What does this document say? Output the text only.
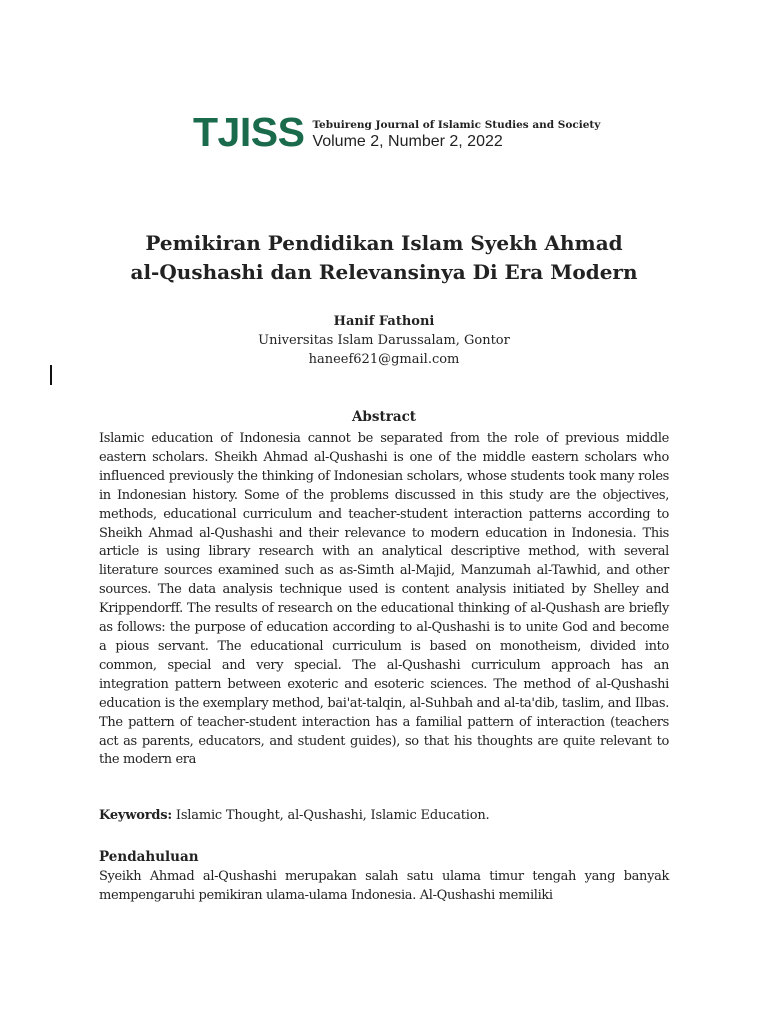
TJISS Tebuireng Journal of Islamic Studies and Society
Volume 2, Number 2, 2022
Pemikiran Pendidikan Islam Syekh Ahmad
al-Qushashi dan Relevansinya Di Era Modern
Hanif Fathoni
Universitas Islam Darussalam, Gontor
haneef621@gmail.com
Abstract
Islamic education of Indonesia cannot be separated from the role of previous middle eastern scholars. Sheikh Ahmad al-Qushashi is one of the middle eastern scholars who influenced previously the thinking of Indonesian scholars, whose students took many roles in Indonesian history. Some of the problems discussed in this study are the objectives, methods, educational curriculum and teacher-student interaction patterns according to Sheikh Ahmad al-Qushashi and their relevance to modern education in Indonesia. This article is using library research with an analytical descriptive method, with several literature sources examined such as as-Simth al-Majid, Manzumah al-Tawhid, and other sources. The data analysis technique used is content analysis initiated by Shelley and Krippendorff. The results of research on the educational thinking of al-Qushash are briefly as follows: the purpose of education according to al-Qushashi is to unite God and become a pious servant. The educational curriculum is based on monotheism, divided into common, special and very special. The al-Qushashi curriculum approach has an integration pattern between exoteric and esoteric sciences. The method of al-Qushashi education is the exemplary method, bai'at-talqin, al-Suhbah and al-ta'dib, taslim, and Ilbas. The pattern of teacher-student interaction has a familial pattern of interaction (teachers act as parents, educators, and student guides), so that his thoughts are quite relevant to the modern era
Keywords: Islamic Thought, al-Qushashi, Islamic Education.
Pendahuluan
Syeikh Ahmad al-Qushashi merupakan salah satu ulama timur tengah yang banyak mempengaruhi pemikiran ulama-ulama Indonesia. Al-Qushashi memiliki
